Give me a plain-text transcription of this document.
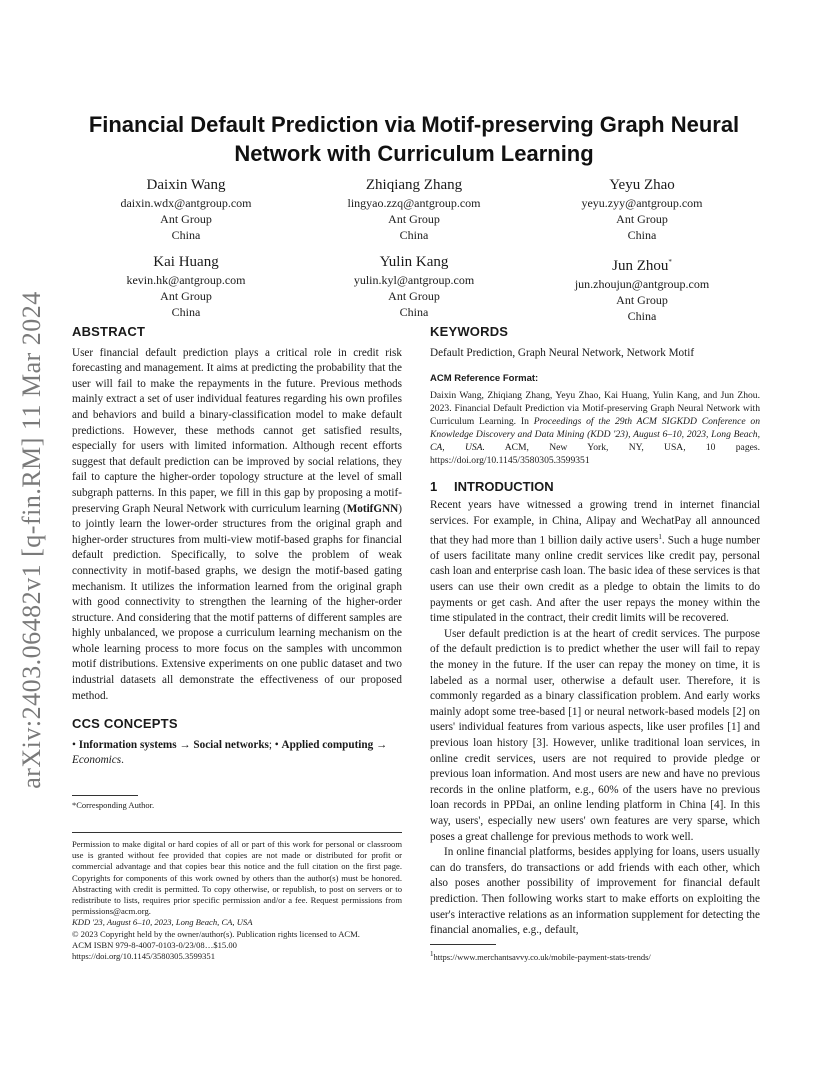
arXiv:2403.06482v1 [q-fin.RM] 11 Mar 2024
Financial Default Prediction via Motif-preserving Graph Neural Network with Curriculum Learning
Daixin Wang
daixin.wdx@antgroup.com
Ant Group
China
Zhiqiang Zhang
lingyao.zzq@antgroup.com
Ant Group
China
Yeyu Zhao
yeyu.zyy@antgroup.com
Ant Group
China
Kai Huang
kevin.hk@antgroup.com
Ant Group
China
Yulin Kang
yulin.kyl@antgroup.com
Ant Group
China
Jun Zhou*
jun.zhoujun@antgroup.com
Ant Group
China
ABSTRACT

User financial default prediction plays a critical role in credit risk forecasting and management. It aims at predicting the probability that the user will fail to make the repayments in the future. Previous methods mainly extract a set of user individual features regarding his own profiles and behaviors and build a binary-classification model to make default predictions. However, these methods cannot get satisfied results, especially for users with limited information. Although recent efforts suggest that default prediction can be improved by social relations, they fail to capture the higher-order topology structure at the level of small subgraph patterns. In this paper, we fill in this gap by proposing a motif-preserving Graph Neural Network with curriculum learning (MotifGNN) to jointly learn the lower-order structures from the original graph and higher-order structures from multi-view motif-based graphs for financial default prediction. Specifically, to solve the problem of weak connectivity in motif-based graphs, we design the motif-based gating mechanism. It utilizes the information learned from the original graph with good connectivity to strengthen the learning of the higher-order structure. And considering that the motif patterns of different samples are highly unbalanced, we propose a curriculum learning mechanism on the whole learning process to more focus on the samples with uncommon motif distributions. Extensive experiments on one public dataset and two industrial datasets all demonstrate the effectiveness of our proposed method.

CCS CONCEPTS

• Information systems → Social networks; • Applied computing → Economics.

*Corresponding Author.

Permission to make digital or hard copies of all or part of this work for personal or classroom use is granted without fee provided that copies are not made or distributed for profit or commercial advantage and that copies bear this notice and the full citation on the first page. Copyrights for components of this work owned by others than the author(s) must be honored. Abstracting with credit is permitted. To copy otherwise, or republish, to post on servers or to redistribute to lists, requires prior specific permission and/or a fee. Request permissions from permissions@acm.org.

KDD '23, August 6–10, 2023, Long Beach, CA, USA

© 2023 Copyright held by the owner/author(s). Publication rights licensed to ACM.

ACM ISBN 979-8-4007-0103-0/23/08…$15.00

https://doi.org/10.1145/3580305.3599351

KEYWORDS

Default Prediction, Graph Neural Network, Network Motif

ACM Reference Format:

Daixin Wang, Zhiqiang Zhang, Yeyu Zhao, Kai Huang, Yulin Kang, and Jun Zhou. 2023. Financial Default Prediction via Motif-preserving Graph Neural Network with Curriculum Learning. In Proceedings of the 29th ACM SIGKDD Conference on Knowledge Discovery and Data Mining (KDD '23), August 6–10, 2023, Long Beach, CA, USA. ACM, New York, NY, USA, 10 pages. https://doi.org/10.1145/3580305.3599351

1 INTRODUCTION

Recent years have witnessed a growing trend in internet financial services. For example, in China, Alipay and WechatPay all announced that they had more than 1 billion daily active users$^1$. Such a huge number of users facilitate many online credit services like credit pay, personal cash loan and enterprise cash loan. The basic idea of these services is that users can use their own credit as a pledge to obtain the limits to do payments or get cash. And after the user repays the money within the time stipulated in the contract, their credit limits will be recovered.

User default prediction is at the heart of credit services. The purpose of the default prediction is to predict whether the user will fail to repay the money in the future. If the user can repay the money on time, it is labeled as a normal user, otherwise a default user. Therefore, it is commonly regarded as a binary classification problem. And early works mainly adopt some tree-based [1] or neural network-based models [2] on users' individual features from various aspects, like user profiles [1] and previous loan history [3]. However, unlike traditional loan services, in online credit services, users are not required to provide pledge or previous loan information. And most users are new and have no previous records in the online platform, e.g., 60% of the users have no previous loan records in PPDai, an online lending platform in China [4]. In this way, users', especially new users' own features are very sparse, which poses a great challenge for previous methods to work well.

In online financial platforms, besides applying for loans, users usually can do transfers, do transactions or add friends with each other, which also poses another possibility of improvement for financial default prediction. Then following works start to make efforts on exploiting the user's interactive relations as an information supplement for detecting the financial anomalies, e.g., default,

$^1$https://www.merchantsavvy.co.uk/mobile-payment-stats-trends/
